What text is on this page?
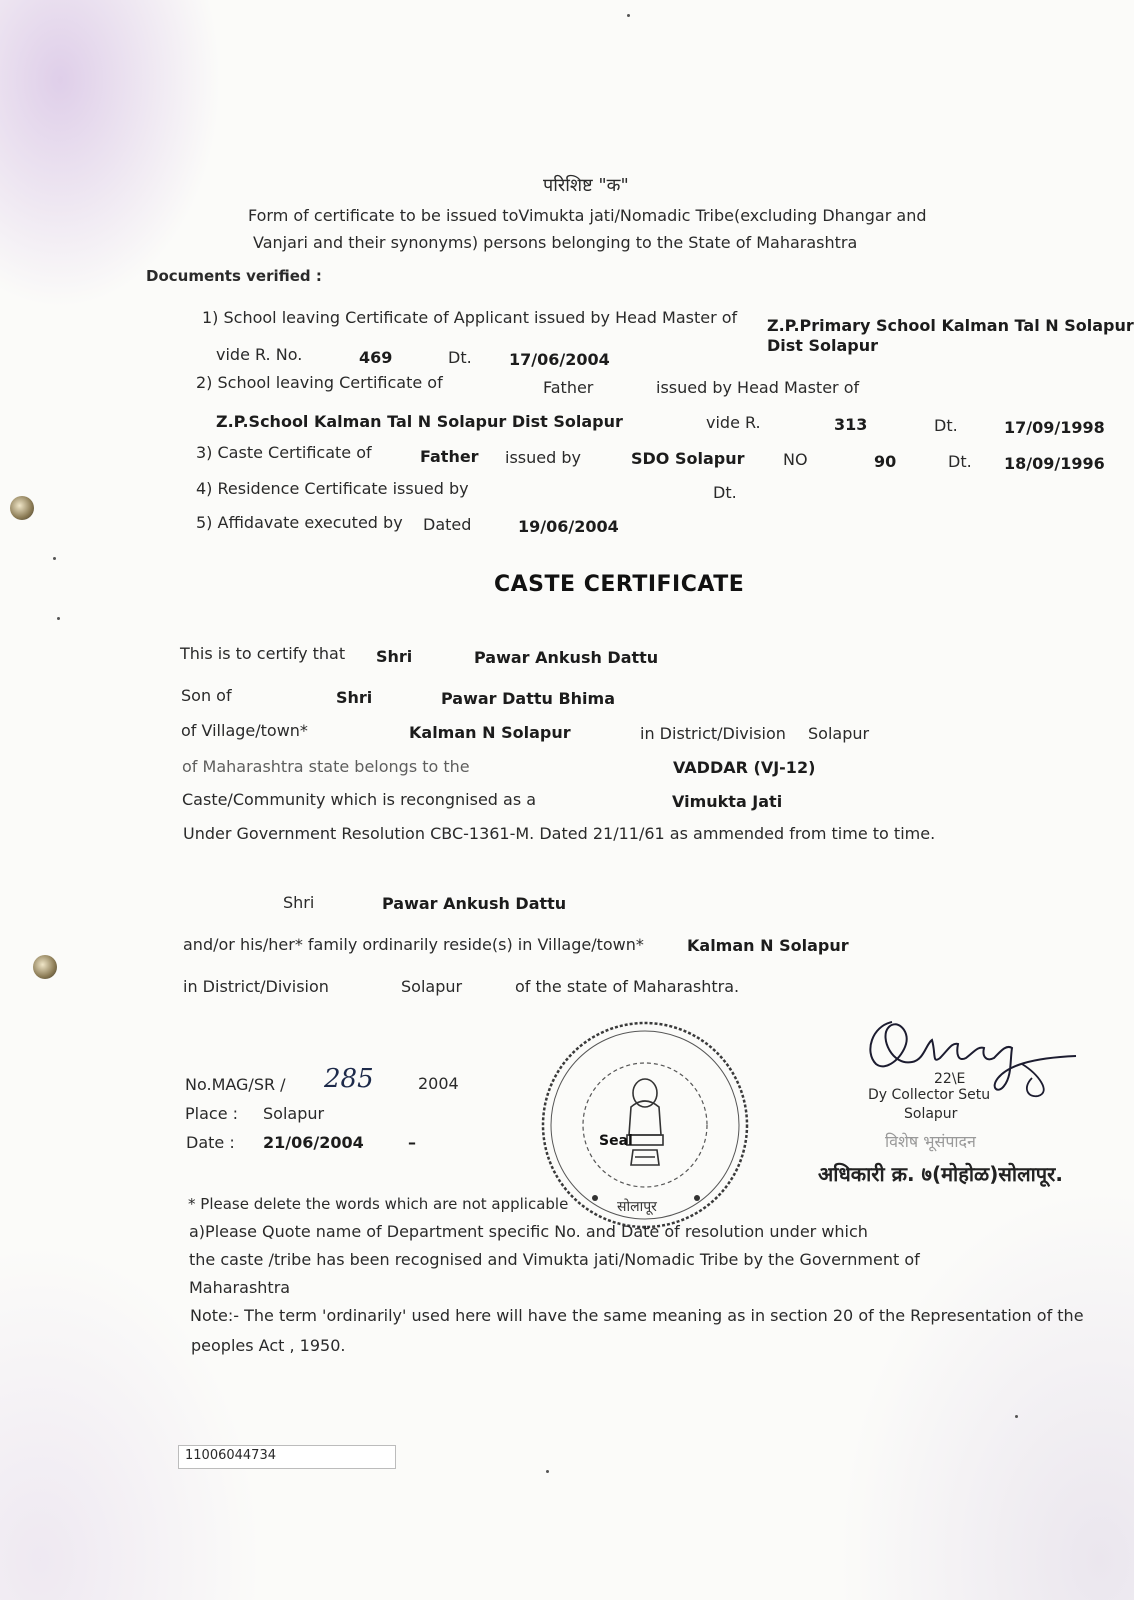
परिशिष्ट "क"
Form of certificate to be issued toVimukta jati/Nomadic Tribe(excluding Dhangar and
Vanjari and their synonyms) persons belonging to the State of Maharashtra
Documents verified :
1) School leaving Certificate of Applicant issued by Head Master of Z.P.Primary School Kalman Tal N Solapur
Dist Solapur
vide R. No.	469	Dt. 17/06/2004
2) School leaving Certificate of	Father	issued by Head Master of
Z.P.School Kalman Tal N Solapur Dist Solapur	vide R.	313	Dt.	17/09/1998
3) Caste Certificate of	Father issued by	SDO Solapur NO	90	Dt. 18/09/1996
4) Residence Certificate issued by	Dt.
5) Affidavate executed by Dated	19/06/2004
CASTE CERTIFICATE
This is to certify that Shri	Pawar Ankush Dattu
Son of	Shri	Pawar Dattu Bhima
of Village/town*	Kalman N Solapur	in District/Division Solapur
of Maharashtra state belongs to the	VADDAR (VJ-12)
Caste/Community which is recongnised as a	Vimukta Jati
Under Government Resolution CBC-1361-M. Dated 21/11/61 as ammended from time to time.
Shri	Pawar Ankush Dattu
and/or his/her* family ordinarily reside(s) in Village/town*	Kalman N Solapur
in District/Division	Solapur	of the state of Maharashtra.
No.MAG/SR / 285	2004
Place : Solapur
Date : 21/06/2004	–	Seal
सोलापूर
22\E
Dy Collector Setu
Solapur
विशेष भूसंपादन
अधिकारी क्र. ७(मोहोळ)सोलापूर.
* Please delete the words which are not applicable
a)Please Quote name of Department specific No. and Date of resolution under which
the caste /tribe has been recognised and Vimukta jati/Nomadic Tribe by the Government of
Maharashtra
Note:- The term 'ordinarily' used here will have the same meaning as in section 20 of the Representation of the
peoples Act , 1950.
11006044734
